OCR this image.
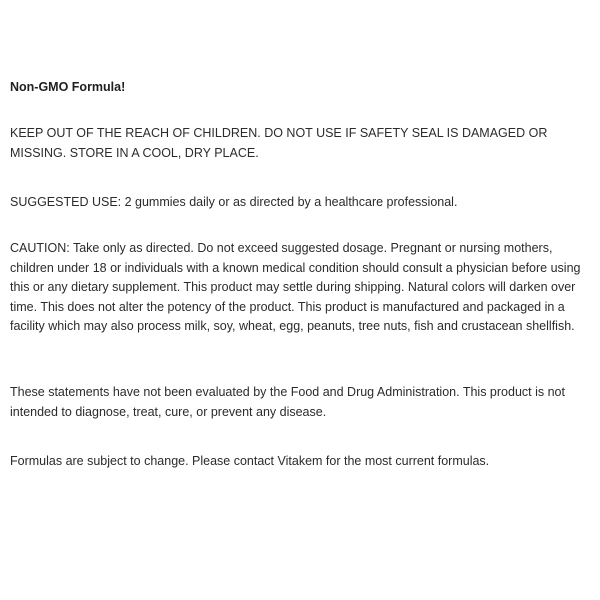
Non-GMO Formula!

KEEP OUT OF THE REACH OF CHILDREN. DO NOT USE IF SAFETY SEAL IS DAMAGED OR MISSING. STORE IN A COOL, DRY PLACE.

SUGGESTED USE: 2 gummies daily or as directed by a healthcare professional.

CAUTION: Take only as directed. Do not exceed suggested dosage. Pregnant or nursing mothers, children under 18 or individuals with a known medical condition should consult a physician before using this or any dietary supplement. This product may settle during shipping. Natural colors will darken over time. This does not alter the potency of the product. This product is manufactured and packaged in a facility which may also process milk, soy, wheat, egg, peanuts, tree nuts, fish and crustacean shellfish.

These statements have not been evaluated by the Food and Drug Administration. This product is not intended to diagnose, treat, cure, or prevent any disease.

Formulas are subject to change. Please contact Vitakem for the most current formulas.
